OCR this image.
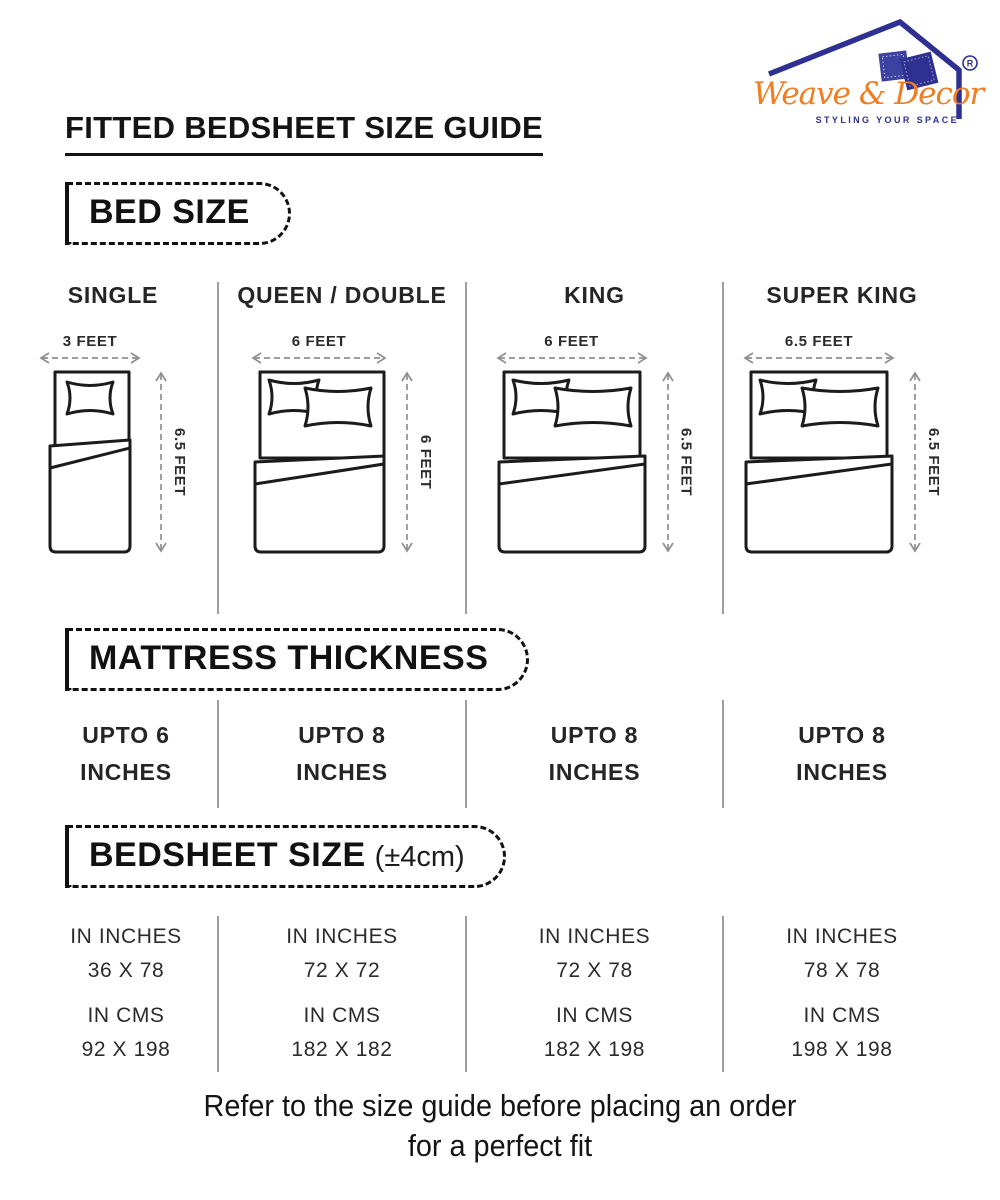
R
Weave & Decor
STYLING YOUR SPACE
FITTED BEDSHEET SIZE GUIDE
BED SIZE
SINGLE
3 FEET
6.5 FEET
QUEEN / DOUBLE
6 FEET
6 FEET
KING
6 FEET
6.5 FEET
SUPER KING
6.5 FEET
6.5 FEET
MATTRESS THICKNESS
UPTO 6
INCHES
UPTO 8
INCHES
UPTO 8
INCHES
UPTO 8
INCHES
BEDSHEET SIZE (±4cm)
IN INCHES
36 X 78
IN CMS
92 X 198
IN INCHES
72 X 72
IN CMS
182 X 182
IN INCHES
72 X 78
IN CMS
182 X 198
IN INCHES
78 X 78
IN CMS
198 X 198
Refer to the size guide before placing an order
for a perfect fit
